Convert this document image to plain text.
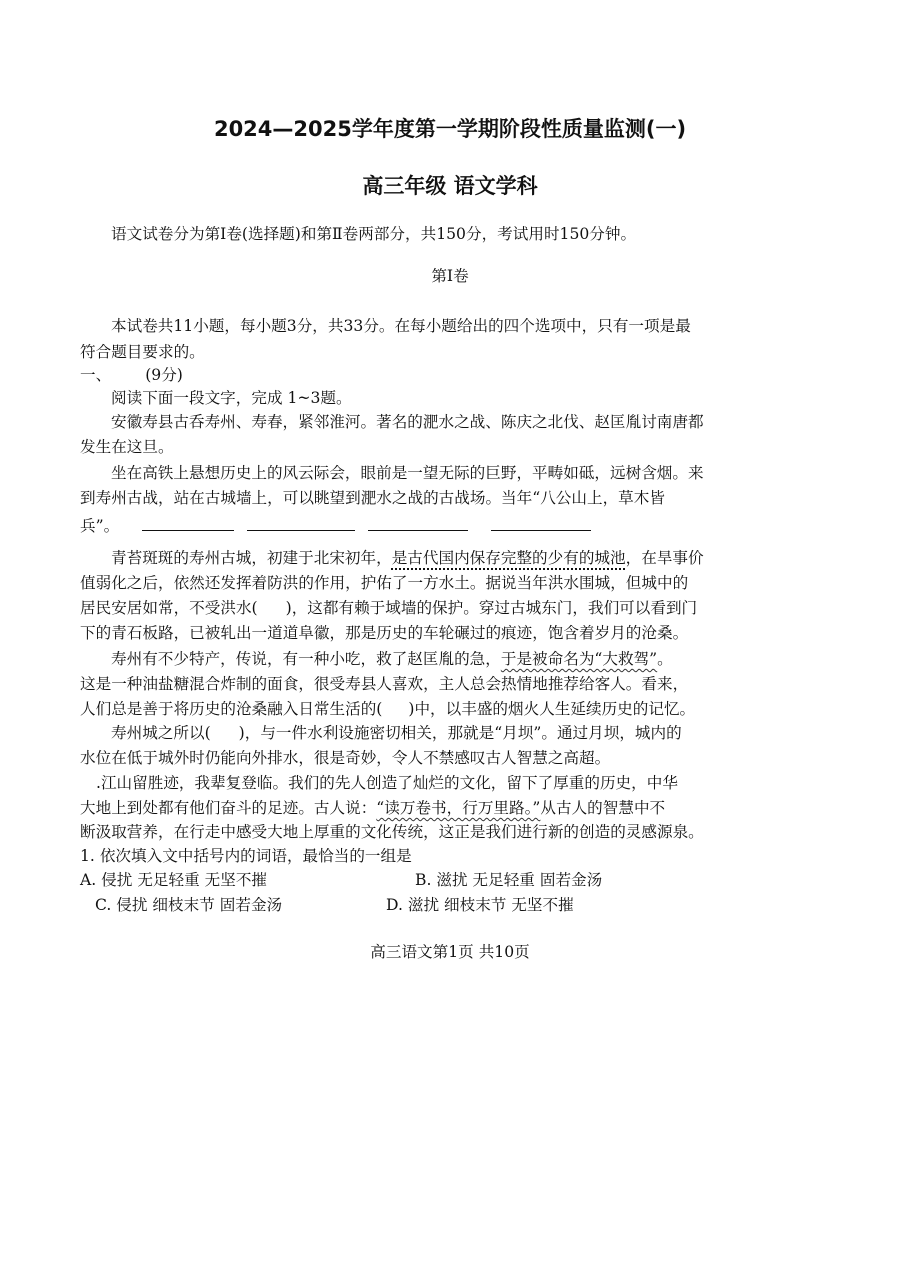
2024—2025学年度第一学期阶段性质量监测(一)
高三年级 语文学科
语文试卷分为第Ⅰ卷(选择题)和第Ⅱ卷两部分，共150分，考试用时150分钟。
第Ⅰ卷
本试卷共11小题，每小题3分，共33分。在每小题给出的四个选项中，只有一项是最
符合题目要求的。
一、 (9分)
阅读下面一段文字，完成 1~3题。
安徽寿县古呑寿州、寿春，紧邻淮河。著名的淝水之战、陈庆之北伐、赵匡胤讨南唐都
发生在这旦。
坐在高铁上悬想历史上的风云际会，眼前是一望无际的巨野，平畴如砥，远树含烟。来
到寿州古战，站在古城墙上，可以眺望到淝水之战的古战场。当年“八公山上，草木皆
兵”。
青苔斑斑的寿州古城，初建于北宋初年，是古代国内保存完整的少有的城池，在旱事价
值弱化之后，依然还发挥着防洪的作用，护佑了一方水土。据说当年洪水围城，但城中的
居民安居如常，不受洪水( )，这都有赖于域墙的保护。穿过古城东门，我们可以看到门
下的青石板路，已被轧出一道道阜徽，那是历史的车轮碾过的痕迹，饱含着岁月的沧桑。
寿州有不少特产，传说，有一种小吃，救了赵匡胤的急，于是被命名为“大救驾”。
这是一种油盐糖混合炸制的面食，很受寿县人喜欢，主人总会热情地推荐给客人。看来，
人们总是善于将历史的沧桑融入日常生活的( )中，以丰盛的烟火人生延续历史的记忆。
寿州城之所以( )，与一件水利设施密切相关，那就是“月坝”。通过月坝，城内的
水位在低于城外时仍能向外排水，很是奇妙，令人不禁感叹古人智慧之高超。
.江山留胜迹，我辈复登临。我们的先人创造了灿烂的文化，留下了厚重的历史，中华
大地上到处都有他们奋斗的足迹。古人说：“读万卷书，行万里路。”从古人的智慧中不
断汲取营养，在行走中感受大地上厚重的文化传统，这正是我们进行新的创造的灵感源泉。
1. 依次填入文中括号内的词语，最恰当的一组是
A. 侵扰 无足轻重 无坚不摧	B. 滋扰 无足轻重 固若金汤
C. 侵扰 细枝末节 固若金汤	D. 滋扰 细枝末节 无坚不摧
高三语文第1页 共10页
